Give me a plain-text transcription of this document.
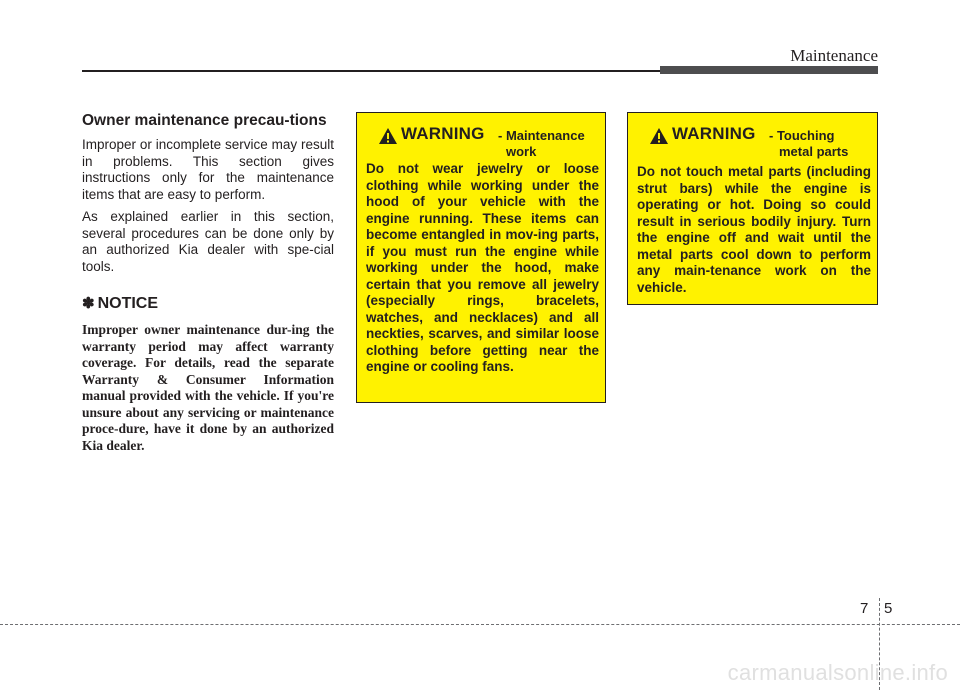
Maintenance
Owner maintenance precau-tions

Improper or incomplete service may result in problems. This section gives instructions only for the maintenance items that are easy to perform.

As explained earlier in this section, several procedures can be done only by an authorized Kia dealer with spe-cial tools.

✽ NOTICE
Improper owner maintenance dur-ing the warranty period may affect warranty coverage. For details, read the separate Warranty & Consumer Information manual provided with the vehicle. If you're unsure about any servicing or maintenance proce-dure, have it done by an authorized Kia dealer.
WARNING - Maintenance
work
Do not wear jewelry or loose clothing while working under the hood of your vehicle with the engine running. These items can become entangled in mov-ing parts, if you must run the engine while working under the hood, make certain that you remove all jewelry (especially rings, bracelets, watches, and necklaces) and all neckties, scarves, and similar loose clothing before getting near the engine or cooling fans.
WARNING - Touching
metal parts
Do not touch metal parts (including strut bars) while the engine is operating or hot. Doing so could result in serious bodily injury. Turn the engine off and wait until the metal parts cool down to perform any main-tenance work on the vehicle.
7 5
carmanualsonline.info
